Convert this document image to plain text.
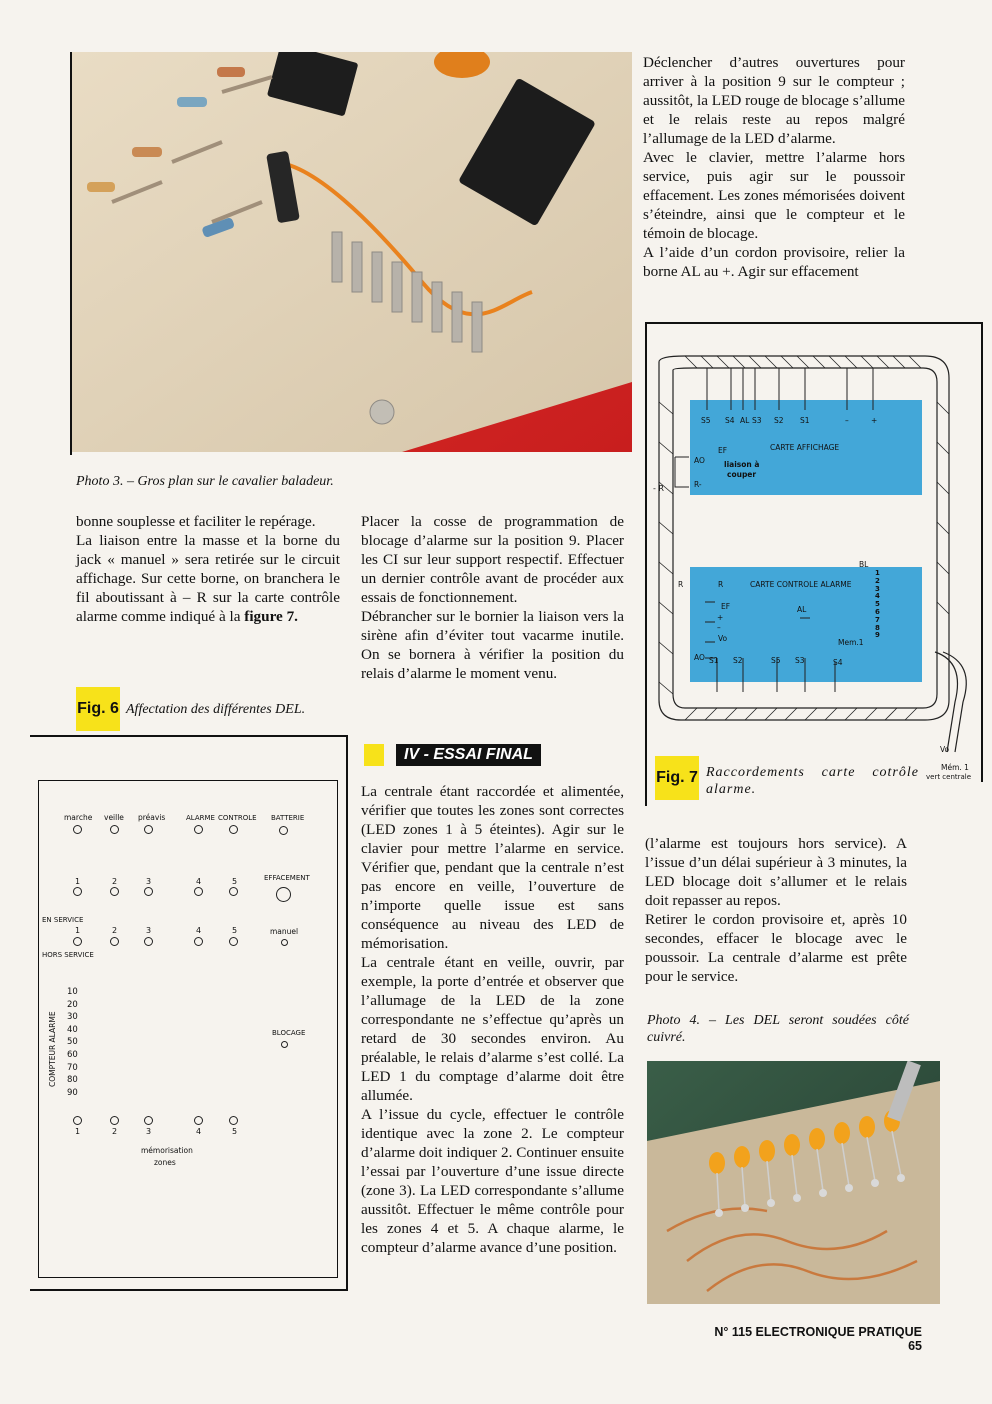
Photo 3. – Gros plan sur le cavalier baladeur.

Déclencher d’autres ouvertures pour arriver à la position 9 sur le compteur ; aussitôt, la LED rouge de blocage s’allume et le relais reste au repos malgré l’allumage de la LED d’alarme.

Avec le clavier, mettre l’alarme hors service, puis agir sur le poussoir effacement. Les zones mémorisées doivent s’éteindre, ainsi que le compteur et le témoin de blocage.

A l’aide d’un cordon provisoire, relier la borne AL au +. Agir sur effacement

S5 S4 AL S3 S2 S1	–	+
CARTE AFFICHAGE
EF
AO	liaison à
couper
R-
- R
BL
R	R	CARTE CONTROLE ALARME
EF
+
–
AL
Vo	Mem.1
AO S1 S2	S5 S3	S4
1
2
3
4
5
6
7
8
9
Vo
Mém. 1
vert centrale
Fig. 7 Raccordements carte cotrôle alarme.

bonne souplesse et faciliter le repérage.

La liaison entre la masse et la borne du jack « manuel » sera retirée sur le circuit affichage. Sur cette borne, on branchera le fil aboutissant à – R sur la carte contrôle alarme comme indiqué à la figure 7.

Fig. 6 Affectation des différentes DEL.
marche veille préavis	ALARME CONTROLE BATTERIE
1	2	3	4	5	EFFACEMENT
EN SERVICE
1	2	3	4	5	manuel
HORS SERVICE
COMPTEUR ALARME
10
20
30
40
50
60
70
80
90
BLOCAGE
1	2	3	4	5
mémorisation
zones

Placer la cosse de programmation de blocage d’alarme sur la position 9. Placer les CI sur leur support respectif. Effectuer un dernier contrôle avant de procéder aux essais de fonctionnement.

Débrancher sur le bornier la liaison vers la sirène afin d’éviter tout vacarme inutile. On se bornera à vérifier la position du relais d’alarme le moment venu.

IV - ESSAI FINAL

La centrale étant raccordée et alimentée, vérifier que toutes les zones sont correctes (LED zones 1 à 5 éteintes). Agir sur le clavier pour mettre l’alarme en service. Vérifier que, pendant que la centrale n’est pas encore en veille, l’ouverture de n’importe quelle issue est sans conséquence au niveau des LED de mémorisation.

La centrale étant en veille, ouvrir, par exemple, la porte d’entrée et observer que l’allumage de la LED de la zone correspondante ne s’effectue qu’après un retard de 30 secondes environ. Au préalable, le relais d’alarme s’est collé. La LED 1 du comptage d’alarme doit être allumée.

A l’issue du cycle, effectuer le contrôle identique avec la zone 2. Le compteur d’alarme doit indiquer 2. Continuer ensuite l’essai par l’ouverture d’une issue directe (zone 3). La LED correspondante s’allume aussitôt. Effectuer le même contrôle pour les zones 4 et 5. A chaque alarme, le compteur d’alarme avance d’une position.

(l’alarme est toujours hors service). A l’issue d’un délai supérieur à 3 minutes, la LED blocage doit s’allumer et le relais doit repasser au repos.

Retirer le cordon provisoire et, après 10 secondes, effacer le blocage avec le poussoir. La centrale d’alarme est prête pour le service.

Photo 4. – Les DEL seront soudées côté cuivré.
N° 115 ELECTRONIQUE PRATIQUE 65
